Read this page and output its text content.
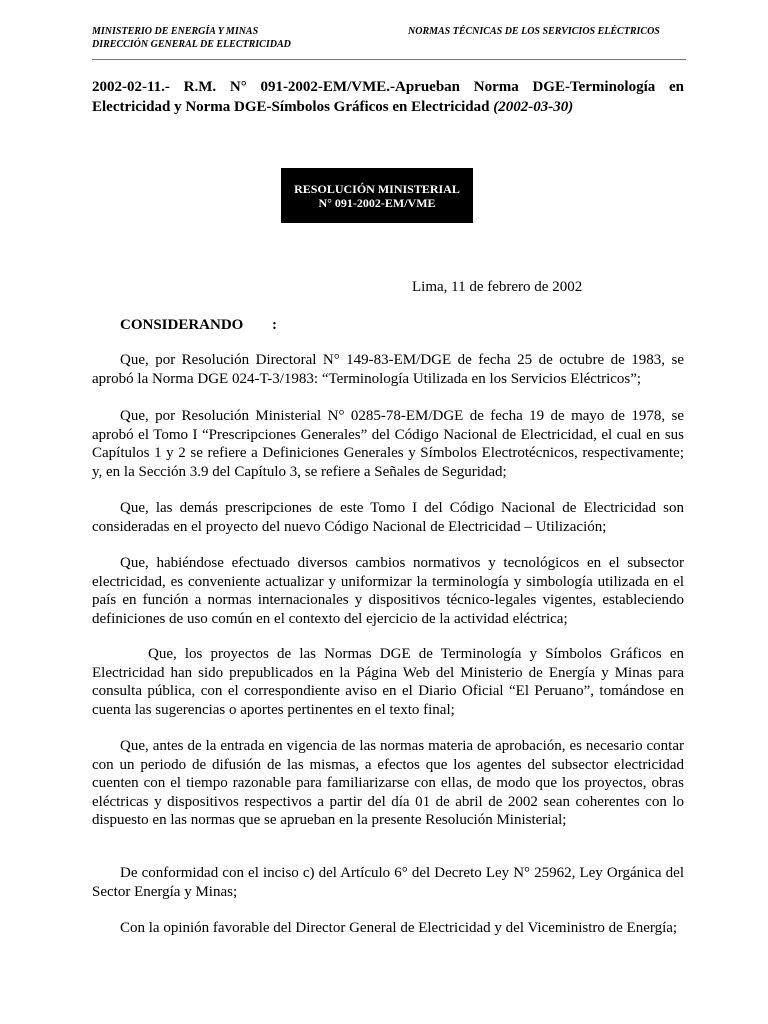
MINISTERIO DE ENERGÍA Y MINAS
DIRECCIÓN GENERAL DE ELECTRICIDAD
NORMAS TÉCNICAS DE LOS SERVICIOS ELÉCTRICOS
2002-02-11.- R.M. N° 091-2002-EM/VME.-Aprueban Norma DGE-Terminología en Electricidad y Norma DGE-Símbolos Gráficos en Electricidad (2002-03-30)
RESOLUCIÓN MINISTERIAL
N° 091-2002-EM/VME
Lima, 11 de febrero de 2002
CONSIDERANDO :

Que, por Resolución Directoral N° 149-83-EM/DGE de fecha 25 de octubre de 1983, se aprobó la Norma DGE 024-T-3/1983: “Terminología Utilizada en los Servicios Eléctricos”;

Que, por Resolución Ministerial N° 0285-78-EM/DGE de fecha 19 de mayo de 1978, se aprobó el Tomo I “Prescripciones Generales” del Código Nacional de Electricidad, el cual en sus Capítulos 1 y 2 se refiere a Definiciones Generales y Símbolos Electrotécnicos, respectivamente; y, en la Sección 3.9 del Capítulo 3, se refiere a Señales de Seguridad;

Que, las demás prescripciones de este Tomo I del Código Nacional de Electricidad son consideradas en el proyecto del nuevo Código Nacional de Electricidad – Utilización;

Que, habiéndose efectuado diversos cambios normativos y tecnológicos en el subsector electricidad, es conveniente actualizar y uniformizar la terminología y simbología utilizada en el país en función a normas internacionales y dispositivos técnico-legales vigentes, estableciendo definiciones de uso común en el contexto del ejercicio de la actividad eléctrica;

Que, los proyectos de las Normas DGE de Terminología y Símbolos Gráficos en Electricidad han sido prepublicados en la Página Web del Ministerio de Energía y Minas para consulta pública, con el correspondiente aviso en el Diario Oficial “El Peruano”, tomándose en cuenta las sugerencias o aportes pertinentes en el texto final;

Que, antes de la entrada en vigencia de las normas materia de aprobación, es necesario contar con un periodo de difusión de las mismas, a efectos que los agentes del subsector electricidad cuenten con el tiempo razonable para familiarizarse con ellas, de modo que los proyectos, obras eléctricas y dispositivos respectivos a partir del día 01 de abril de 2002 sean coherentes con lo dispuesto en las normas que se aprueban en la presente Resolución Ministerial;

De conformidad con el inciso c) del Artículo 6° del Decreto Ley N° 25962, Ley Orgánica del Sector Energía y Minas;

Con la opinión favorable del Director General de Electricidad y del Viceministro de Energía;
